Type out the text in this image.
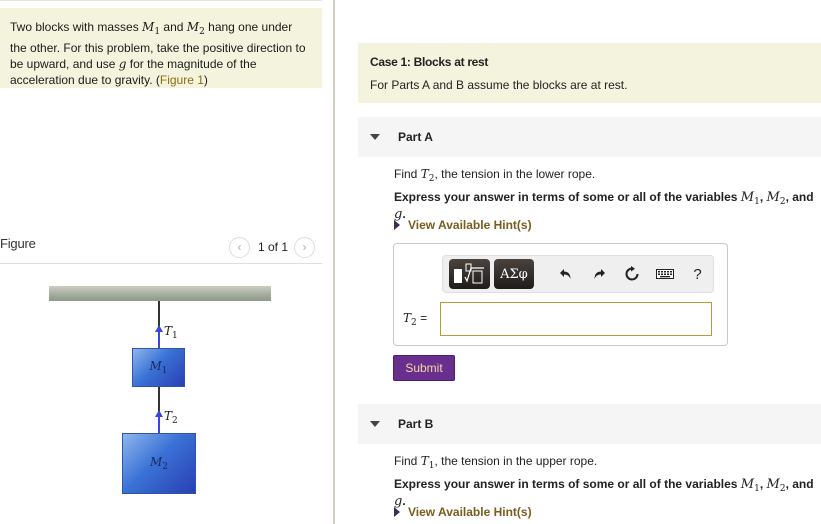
Two blocks with masses $M_1$ and $M_2$ hang one under the other. For this problem, take the positive direction to be upward, and use g for the magnitude of the acceleration due to gravity. (Figure 1)
Figure	‹ 1 of 1 ›
$T_1$
$M_1$
$T_2$
$M_2$
Case 1: Blocks at rest
For Parts A and B assume the blocks are at rest.
Part A
Find $T_2$, the tension in the lower rope.
Express your answer in terms of some or all of the variables $M_1$, $M_2$, and g.
View Available Hint(s)
ΑΣφ	?
$T_2$ =
Submit
Part B
Find $T_1$, the tension in the upper rope.
Express your answer in terms of some or all of the variables $M_1$, $M_2$, and g.
View Available Hint(s)
